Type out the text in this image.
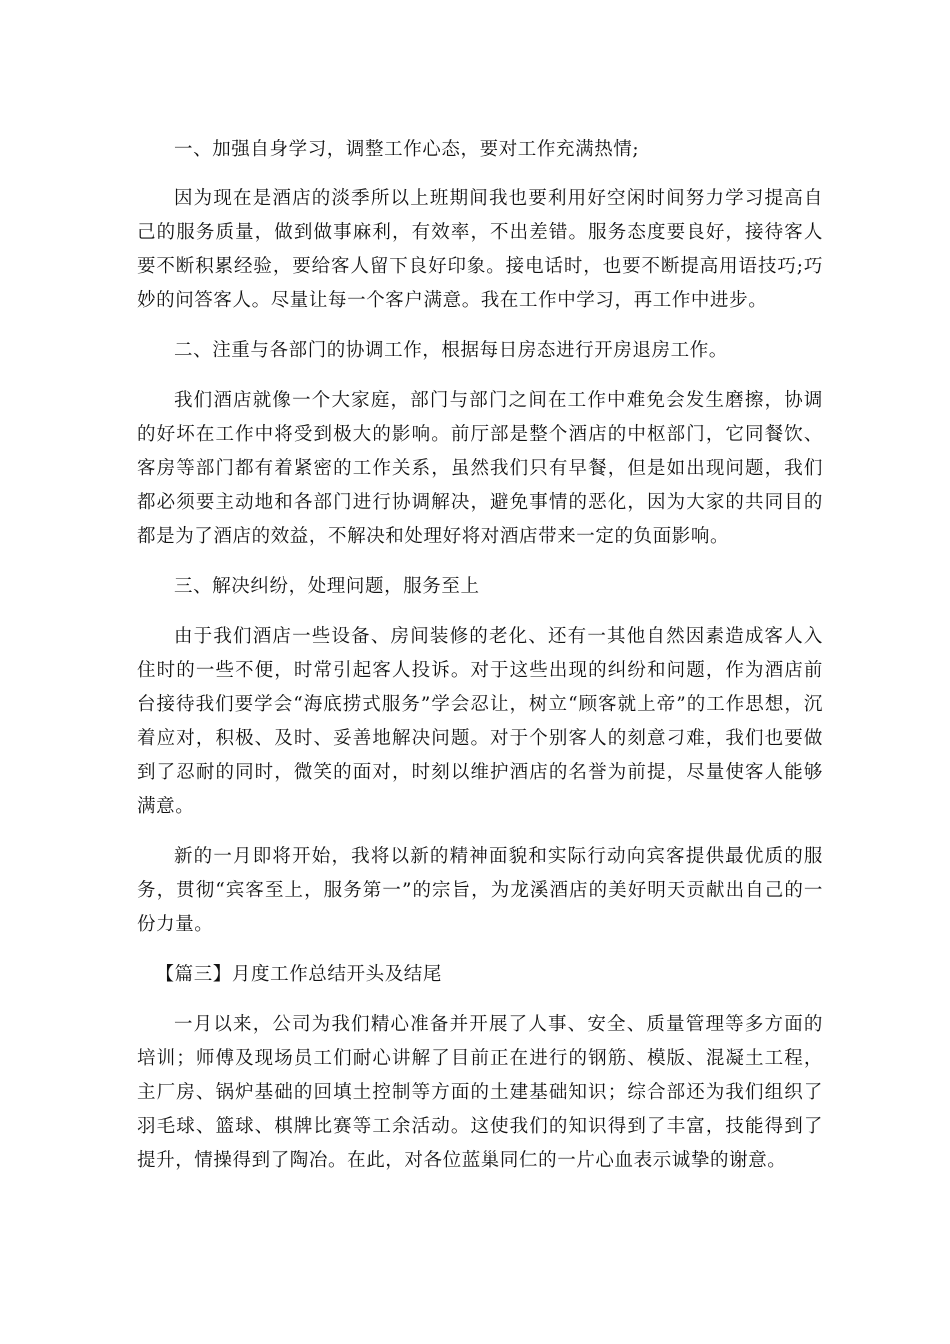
一、加强自身学习，调整工作心态，要对工作充满热情;

因为现在是酒店的淡季所以上班期间我也要利用好空闲时间努力学习提高自己的服务质量，做到做事麻利，有效率，不出差错。服务态度要良好，接待客人要不断积累经验，要给客人留下良好印象。接电话时，也要不断提高用语技巧;巧妙的问答客人。尽量让每一个客户满意。我在工作中学习，再工作中进步。

二、注重与各部门的协调工作，根据每日房态进行开房退房工作。

我们酒店就像一个大家庭，部门与部门之间在工作中难免会发生磨擦，协调的好坏在工作中将受到极大的影响。前厅部是整个酒店的中枢部门，它同餐饮、客房等部门都有着紧密的工作关系，虽然我们只有早餐，但是如出现问题，我们都必须要主动地和各部门进行协调解决，避免事情的恶化，因为大家的共同目的都是为了酒店的效益，不解决和处理好将对酒店带来一定的负面影响。

三、解决纠纷，处理问题，服务至上

由于我们酒店一些设备、房间装修的老化、还有一其他自然因素造成客人入住时的一些不便，时常引起客人投诉。对于这些出现的纠纷和问题，作为酒店前台接待我们要学会“海底捞式服务”学会忍让，树立“顾客就上帝”的工作思想，沉着应对，积极、及时、妥善地解决问题。对于个别客人的刻意刁难，我们也要做到了忍耐的同时，微笑的面对，时刻以维护酒店的名誉为前提，尽量使客人能够满意。

新的一月即将开始，我将以新的精神面貌和实际行动向宾客提供最优质的服务，贯彻“宾客至上，服务第一”的宗旨，为龙溪酒店的美好明天贡献出自己的一份力量。

【篇三】月度工作总结开头及结尾

一月以来，公司为我们精心准备并开展了人事、安全、质量管理等多方面的培训；师傅及现场员工们耐心讲解了目前正在进行的钢筋、模版、混凝土工程，主厂房、锅炉基础的回填土控制等方面的土建基础知识；综合部还为我们组织了羽毛球、篮球、棋牌比赛等工余活动。这使我们的知识得到了丰富，技能得到了提升，情操得到了陶冶。在此，对各位蓝巢同仁的一片心血表示诚挚的谢意。
